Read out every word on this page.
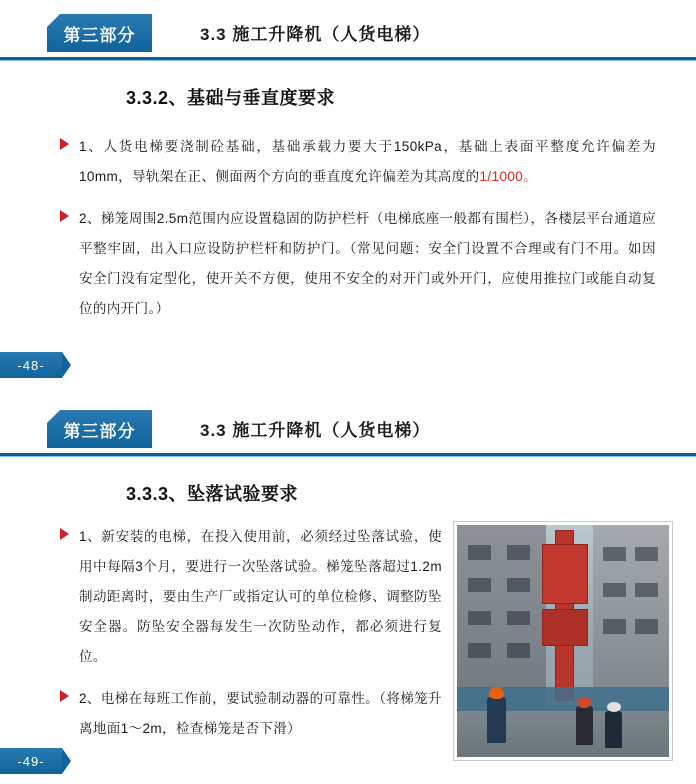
第三部分	3.3 施工升降机（人货电梯）
3.3.2、基础与垂直度要求
1、人货电梯要浇制砼基础，基础承载力要大于150kPa，基础上表面平整度允许偏差为10mm，导轨架在正、侧面两个方向的垂直度允许偏差为其高度的1/1000。
2、梯笼周围2.5m范围内应设置稳固的防护栏杆（电梯底座一般都有围栏），各楼层平台通道应平整牢固，出入口应设防护栏杆和防护门。（常见问题：安全门设置不合理或有门不用。如因安全门没有定型化，使开关不方便，使用不安全的对开门或外开门，应使用推拉门或能自动复位的内开门。）
-48-
第三部分	3.3 施工升降机（人货电梯）
3.3.3、坠落试验要求
1、新安装的电梯，在投入使用前，必须经过坠落试验，使用中每隔3个月，要进行一次坠落试验。梯笼坠落超过1.2m制动距离时，要由生产厂或指定认可的单位检修、调整防坠安全器。防坠安全器每发生一次防坠动作，都必须进行复位。
2、电梯在每班工作前，要试验制动器的可靠性。（将梯笼升离地面1～2m，检查梯笼是否下滑）
-49-
